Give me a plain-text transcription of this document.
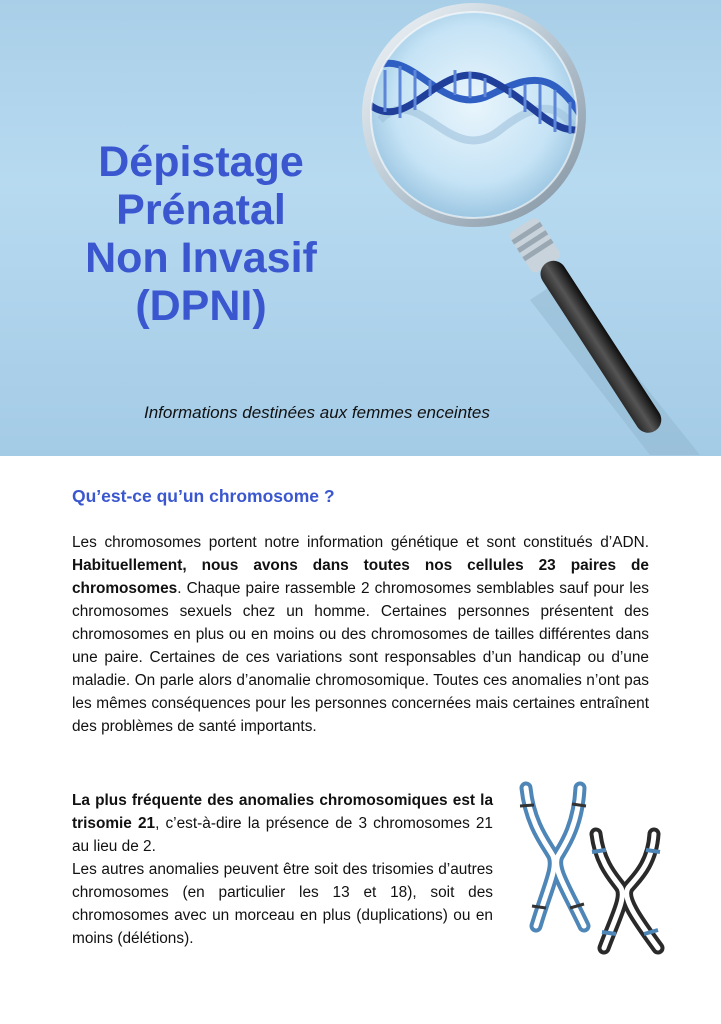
Dépistage
Prénatal
Non Invasif
(DPNI)

Informations destinées aux femmes enceintes

Qu’est-ce qu’un chromosome ?

Les chromosomes portent notre information génétique et sont constitués d’ADN. Habituellement, nous avons dans toutes nos cellules 23 paires de chromosomes. Chaque paire rassemble 2 chromosomes semblables sauf pour les chromosomes sexuels chez un homme. Certaines personnes présentent des chromosomes en plus ou en moins ou des chromosomes de tailles différentes dans une paire. Certaines de ces variations sont responsables d’un handicap ou d’une maladie. On parle alors d’anomalie chromosomique. Toutes ces anomalies n’ont pas les mêmes conséquences pour les personnes concernées mais certaines entraînent des problèmes de santé importants.

La plus fréquente des anomalies chromosomiques est la trisomie 21, c’est-à-dire la présence de 3 chromosomes 21 au lieu de 2.
Les autres anomalies peuvent être soit des trisomies d’autres chromosomes (en particulier les 13 et 18), soit des chromosomes avec un morceau en plus (duplications) ou en moins (délétions).
